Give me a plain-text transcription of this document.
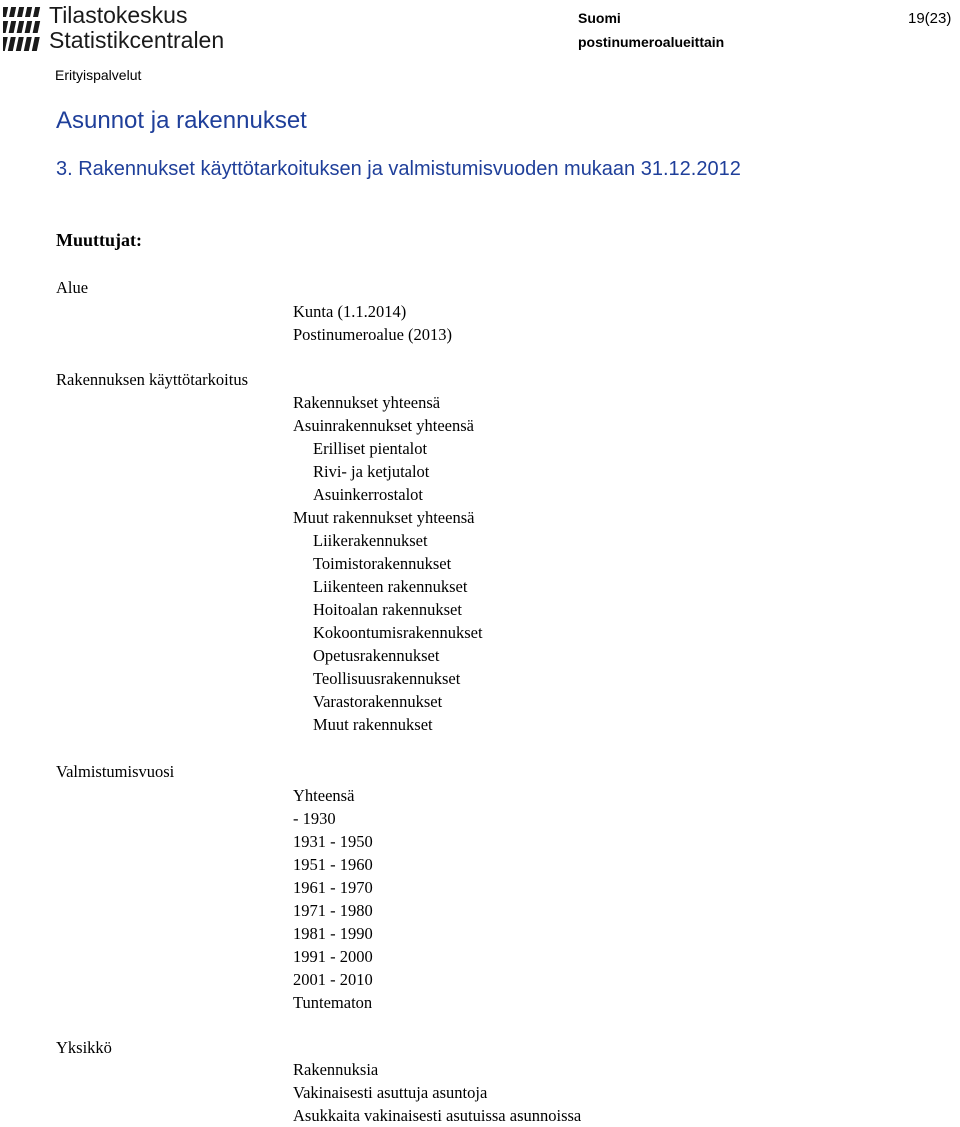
Tilastokeskus
Statistikcentralen
Suomi
postinumeroalueittain
19(23)
Erityispalvelut
Asunnot ja rakennukset
3. Rakennukset käyttötarkoituksen ja valmistumisvuoden mukaan 31.12.2012
Muuttujat:
Alue
Kunta (1.1.2014)
Postinumeroalue (2013)
Rakennuksen käyttötarkoitus
Rakennukset yhteensä
Asuinrakennukset yhteensä
Erilliset pientalot
Rivi- ja ketjutalot
Asuinkerrostalot
Muut rakennukset yhteensä
Liikerakennukset
Toimistorakennukset
Liikenteen rakennukset
Hoitoalan rakennukset
Kokoontumisrakennukset
Opetusrakennukset
Teollisuusrakennukset
Varastorakennukset
Muut rakennukset
Valmistumisvuosi
Yhteensä
- 1930
1931 - 1950
1951 - 1960
1961 - 1970
1971 - 1980
1981 - 1990
1991 - 2000
2001 - 2010
Tuntematon
Yksikkö
Rakennuksia
Vakinaisesti asuttuja asuntoja
Asukkaita vakinaisesti asutuissa asunnoissa
